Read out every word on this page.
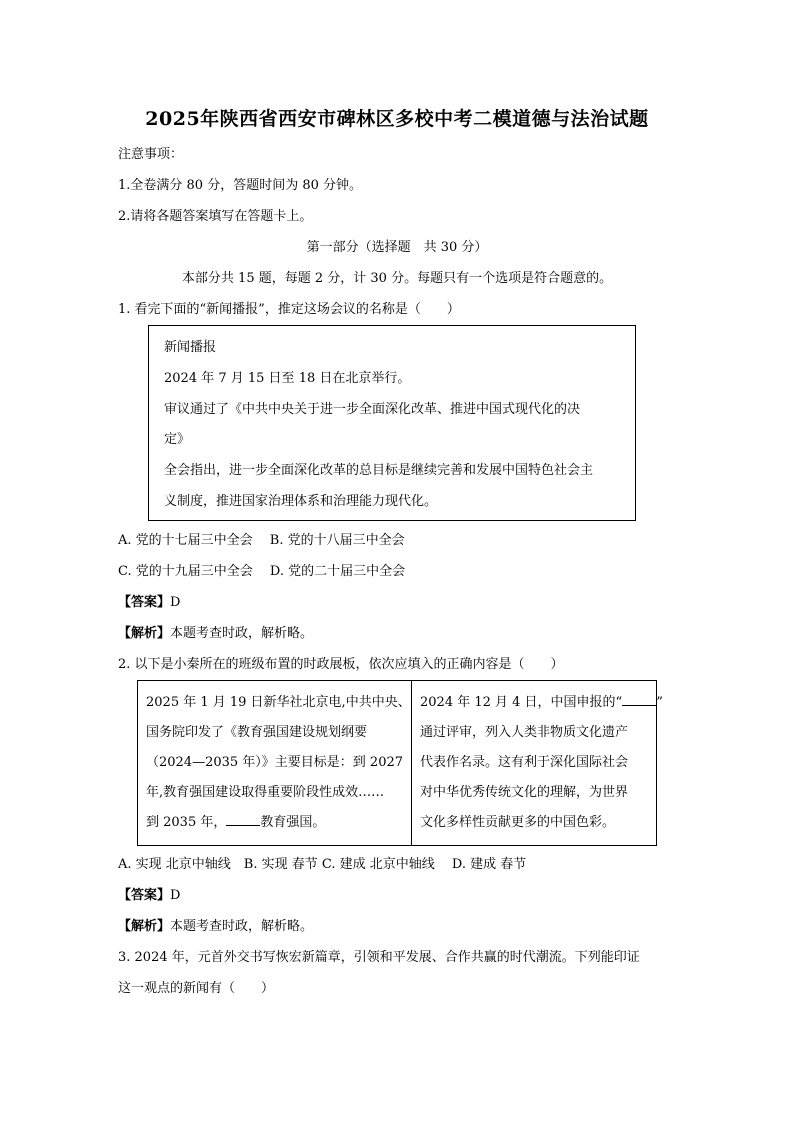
2025年陕西省西安市碑林区多校中考二模道德与法治试题
注意事项：
1.全卷满分 80 分，答题时间为 80 分钟。
2.请将各题答案填写在答题卡上。
第一部分（选择题　共 30 分）
本部分共 15 题，每题 2 分，计 30 分。每题只有一个选项是符合题意的。
1. 看完下面的“新闻播报”，推定这场会议的名称是（　　）
新闻播报
2024 年 7 月 15 日至 18 日在北京举行。
审议通过了《中共中央关于进一步全面深化改革、推进中国式现代化的决
定》
全会指出，进一步全面深化改革的总目标是继续完善和发展中国特色社会主
义制度，推进国家治理体系和治理能力现代化。
A. 党的十七届三中全会　 B. 党的十八届三中全会
C. 党的十九届三中全会　 D. 党的二十届三中全会
【答案】D
【解析】本题考查时政，解析略。
2. 以下是小秦所在的班级布置的时政展板，依次应填入的正确内容是（　　）
2025 年 1 月 19 日新华社北京电,中共中央、
国务院印发了《教育强国建设规划纲要
（2024—2035 年）》主要目标是：到 2027
年,教育强国建设取得重要阶段性成效……
到 2035 年，	教育强国。
2024 年 12 月 4 日，中国申报的“	”
通过评审，列入人类非物质文化遗产
代表作名录。这有利于深化国际社会
对中华优秀传统文化的理解，为世界
文化多样性贡献更多的中国色彩。
A. 实现 北京中轴线　B. 实现 春节 C. 建成 北京中轴线　 D. 建成 春节
【答案】D
【解析】本题考查时政，解析略。
3. 2024 年，元首外交书写恢宏新篇章，引领和平发展、合作共赢的时代潮流。下列能印证
这一观点的新闻有（　　）
